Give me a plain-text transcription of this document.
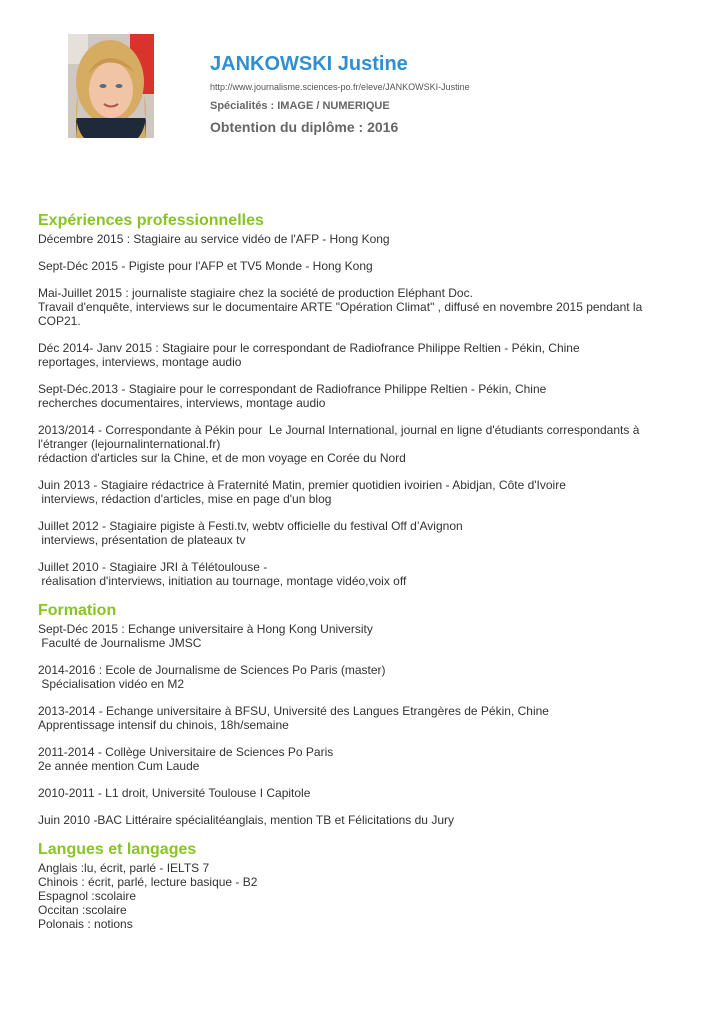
JANKOWSKI Justine
http://www.journalisme.sciences-po.fr/eleve/JANKOWSKI-Justine
Spécialités : IMAGE / NUMERIQUE
Obtention du diplôme : 2016
Expériences professionnelles
Décembre 2015 : Stagiaire au service vidéo de l'AFP - Hong Kong
Sept-Déc 2015 - Pigiste pour l'AFP et TV5 Monde - Hong Kong
Mai-Juillet 2015 : journaliste stagiaire chez la société de production Eléphant Doc.
Travail d'enquête, interviews sur le documentaire ARTE "Opération Climat" , diffusé en novembre 2015 pendant la
COP21.
Déc 2014- Janv 2015 : Stagiaire pour le correspondant de Radiofrance Philippe Reltien - Pékin, Chine
reportages, interviews, montage audio
Sept-Déc.2013 - Stagiaire pour le correspondant de Radiofrance Philippe Reltien - Pékin, Chine
recherches documentaires, interviews, montage audio
2013/2014 - Correspondante à Pékin pour  Le Journal International, journal en ligne d'étudiants correspondants à
l'étranger (lejournalinternational.fr)
rédaction d'articles sur la Chine, et de mon voyage en Corée du Nord
Juin 2013 - Stagiaire rédactrice à Fraternité Matin, premier quotidien ivoirien - Abidjan, Côte d'Ivoire
interviews, rédaction d'articles, mise en page d'un blog
Juillet 2012 - Stagiaire pigiste à Festi.tv, webtv officielle du festival Off d’Avignon
interviews, présentation de plateaux tv
Juillet 2010 - Stagiaire JRI à Télétoulouse -
réalisation d'interviews, initiation au tournage, montage vidéo,voix off
Formation
Sept-Déc 2015 : Echange universitaire à Hong Kong University
Faculté de Journalisme JMSC
2014-2016 : Ecole de Journalisme de Sciences Po Paris (master)
Spécialisation vidéo en M2
2013-2014 - Echange universitaire à BFSU, Université des Langues Etrangères de Pékin, Chine
Apprentissage intensif du chinois, 18h/semaine
2011-2014 - Collège Universitaire de Sciences Po Paris
2e année mention Cum Laude
2010-2011 - L1 droit, Université Toulouse I Capitole
Juin 2010 -BAC Littéraire spécialitéanglais, mention TB et Félicitations du Jury
Langues et langages
Anglais :lu, écrit, parlé - IELTS 7
Chinois : écrit, parlé, lecture basique - B2
Espagnol :scolaire
Occitan :scolaire
Polonais : notions
